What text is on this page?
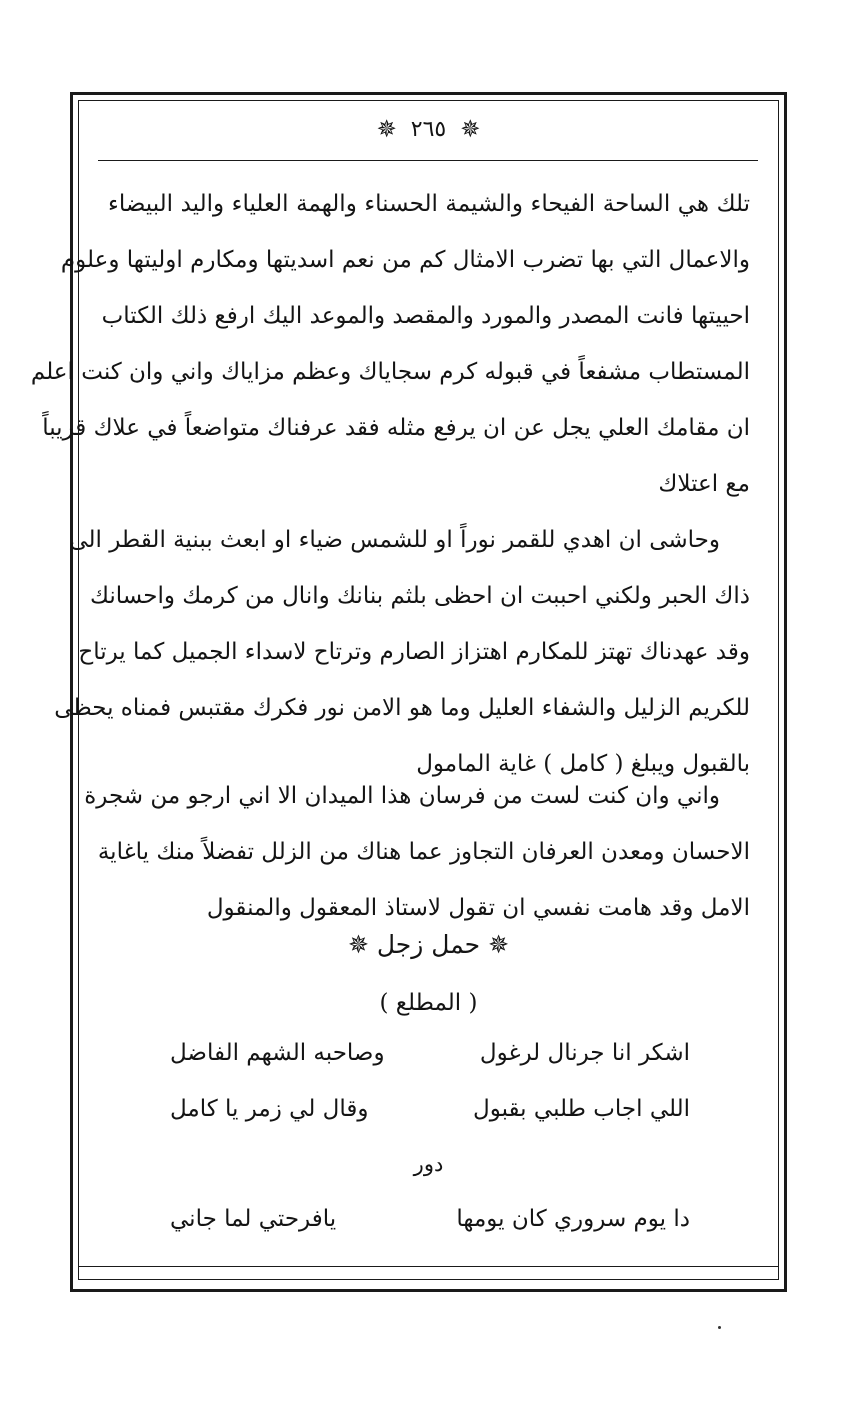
✵
٢٦٥
✵
تلك هي الساحة الفيحاء والشيمة الحسناء والهمة العلياء واليد البيضاء
والاعمال التي بها تضرب الامثال كم من نعم اسديتها ومكارم اوليتها وعلوم
احييتها فانت المصدر والمورد والمقصد والموعد اليك ارفع ذلك الكتاب
المستطاب مشفعاً في قبوله كرم سجاياك وعظم مزاياك واني وان كنت اعلم
ان مقامك العلي يجل عن ان يرفع مثله فقد عرفناك متواضعاً في علاك قريباً
مع اعتلاك
وحاشى ان اهدي للقمر نوراً او للشمس ضياء او ابعث ببنية القطر الى
ذاك الحبر ولكني احببت ان احظى بلثم بنانك وانال من كرمك واحسانك
وقد عهدناك تهتز للمكارم اهتزاز الصارم وترتاح لاسداء الجميل كما يرتاح
للكريم الزليل والشفاء العليل وما هو الامن نور فكرك مقتبس فمناه يحظى
بالقبول ويبلغ ( كامل ) غاية المامول
واني وان كنت لست من فرسان هذا الميدان الا اني ارجو من شجرة
الاحسان ومعدن العرفان التجاوز عما هناك من الزلل تفضلاً منك ياغاية
الامل وقد هامت نفسي ان تقول لاستاذ المعقول والمنقول
✵ حمل زجل ✵
( المطلع )
اشكر انا جرنال لرغول
وصاحبه الشهم الفاضل
اللي اجاب طلبي بقبول
وقال لي زمر يا كامل
دور
دا يوم سروري كان يومها
يافرحتي لما جاني
